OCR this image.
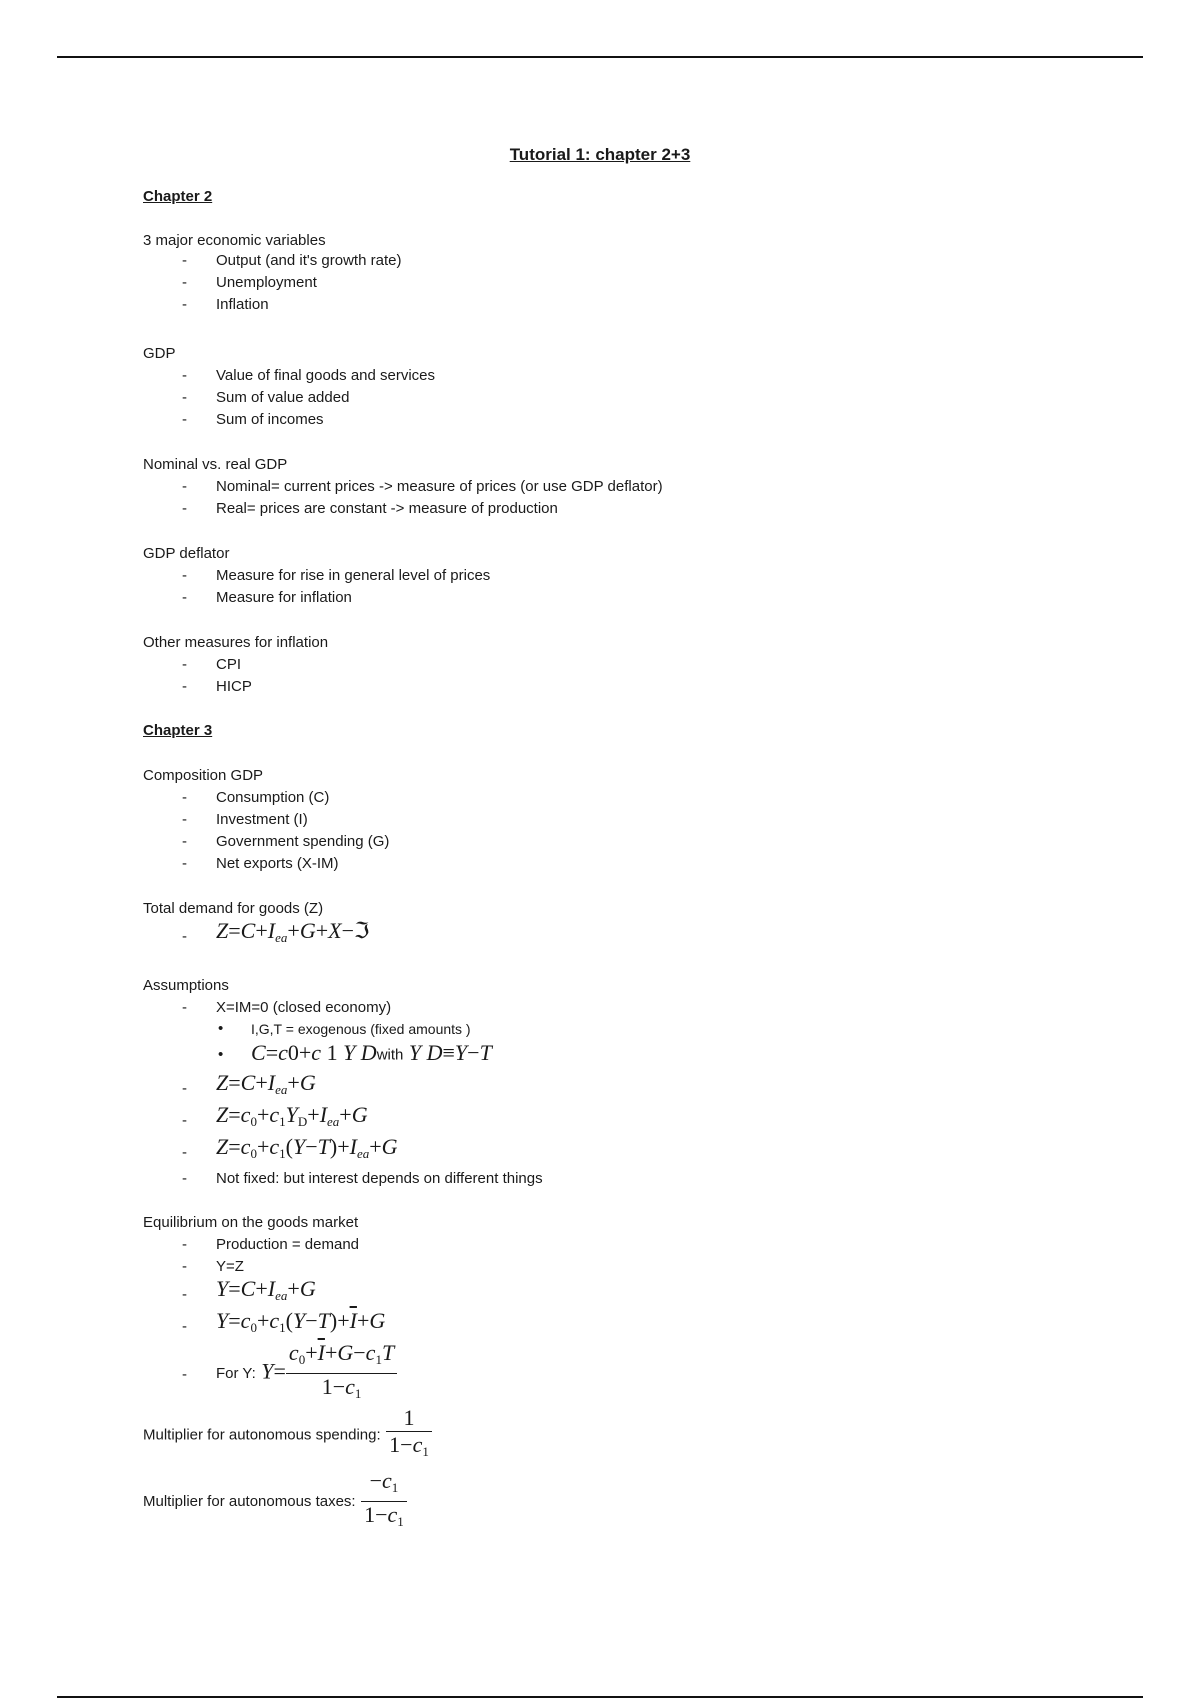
Tutorial 1: chapter 2+3
Chapter 2
3 major economic variables
- Output (and it's growth rate)
- Unemployment
- Inflation
GDP
- Value of final goods and services
- Sum of value added
- Sum of incomes
Nominal vs. real GDP
- Nominal= current prices -> measure of prices (or use GDP deflator)
- Real= prices are constant -> measure of production
GDP deflator
- Measure for rise in general level of prices
- Measure for inflation
Other measures for inflation
- CPI
- HICP
Chapter 3
Composition GDP
- Consumption (C)
- Investment (I)
- Government spending (G)
- Net exports (X-IM)
Total demand for goods (Z)
- $Z=C+I_{ea}+G+X-ℑ$
Assumptions
- X=IM=0 (closed economy)
• I,G,T = exogenous (fixed amounts )
• C=c0+c 1 Y Dwith Y D≡Y−T
- $Z=C+I_{ea}+G$
- $Z=c_0+c_1Y_D+I_{ea}+G$
- $Z=c_0+c_1(Y-T)+I_{ea}+G$
- Not fixed: but interest depends on different things
Equilibrium on the goods market
- Production = demand
- Y=Z
- $Y=C+I_{ea}+G$
- $Y=c_0+c_1(Y-T)+\overline{I}+G$
- For Y: $Y= \frac{c_0+\overline{I}+G-c_1T}{1-c_1}$
Multiplier for autonomous spending: $\frac{1}{1-c_1}$
Multiplier for autonomous taxes: $\frac{-c_1}{1-c_1}$
